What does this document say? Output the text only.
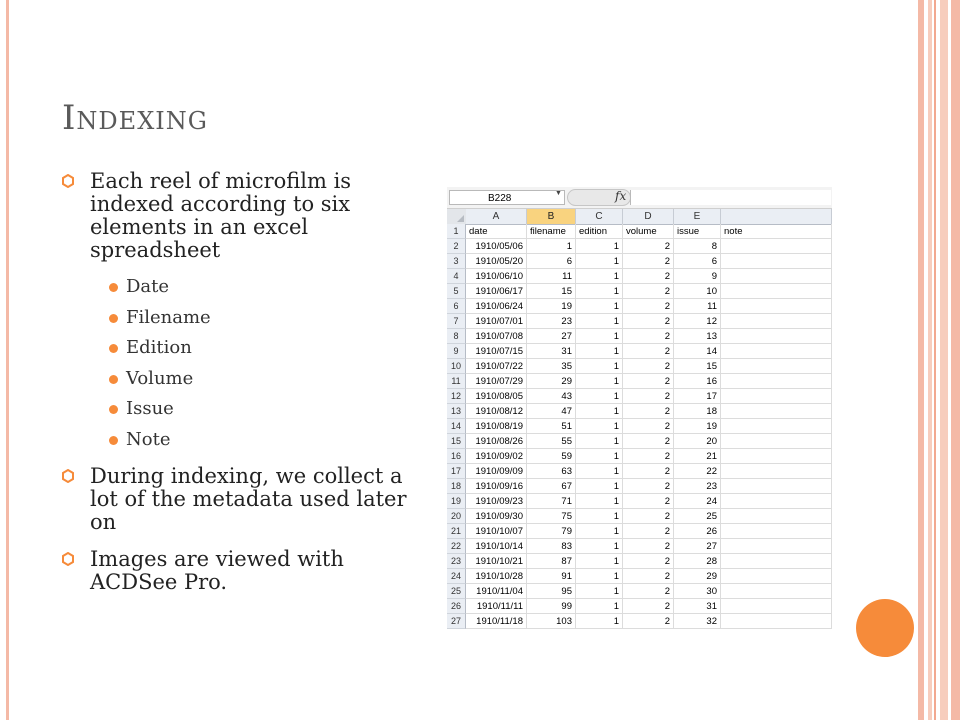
Indexing
Each reel of microfilm is indexed according to six elements in an excel spreadsheet
Date
Filename
Edition
Volume
Issue
Note
During indexing, we collect a lot of the metadata used later on
Images are viewed with ACDSee Pro.
B228	▼	fx
A	B	C	D	E
1	date	filename	edition	volume	issue	note
2	1910/05/06	1	1	2	8
3	1910/05/20	6	1	2	6
4	1910/06/10	11	1	2	9
5	1910/06/17	15	1	2	10
6	1910/06/24	19	1	2	11
7	1910/07/01	23	1	2	12
8	1910/07/08	27	1	2	13
9	1910/07/15	31	1	2	14
10	1910/07/22	35	1	2	15
11	1910/07/29	29	1	2	16
12	1910/08/05	43	1	2	17
13	1910/08/12	47	1	2	18
14	1910/08/19	51	1	2	19
15	1910/08/26	55	1	2	20
16	1910/09/02	59	1	2	21
17	1910/09/09	63	1	2	22
18	1910/09/16	67	1	2	23
19	1910/09/23	71	1	2	24
20	1910/09/30	75	1	2	25
21	1910/10/07	79	1	2	26
22	1910/10/14	83	1	2	27
23	1910/10/21	87	1	2	28
24	1910/10/28	91	1	2	29
25	1910/11/04	95	1	2	30
26	1910/11/11	99	1	2	31
27	1910/11/18	103	1	2	32
